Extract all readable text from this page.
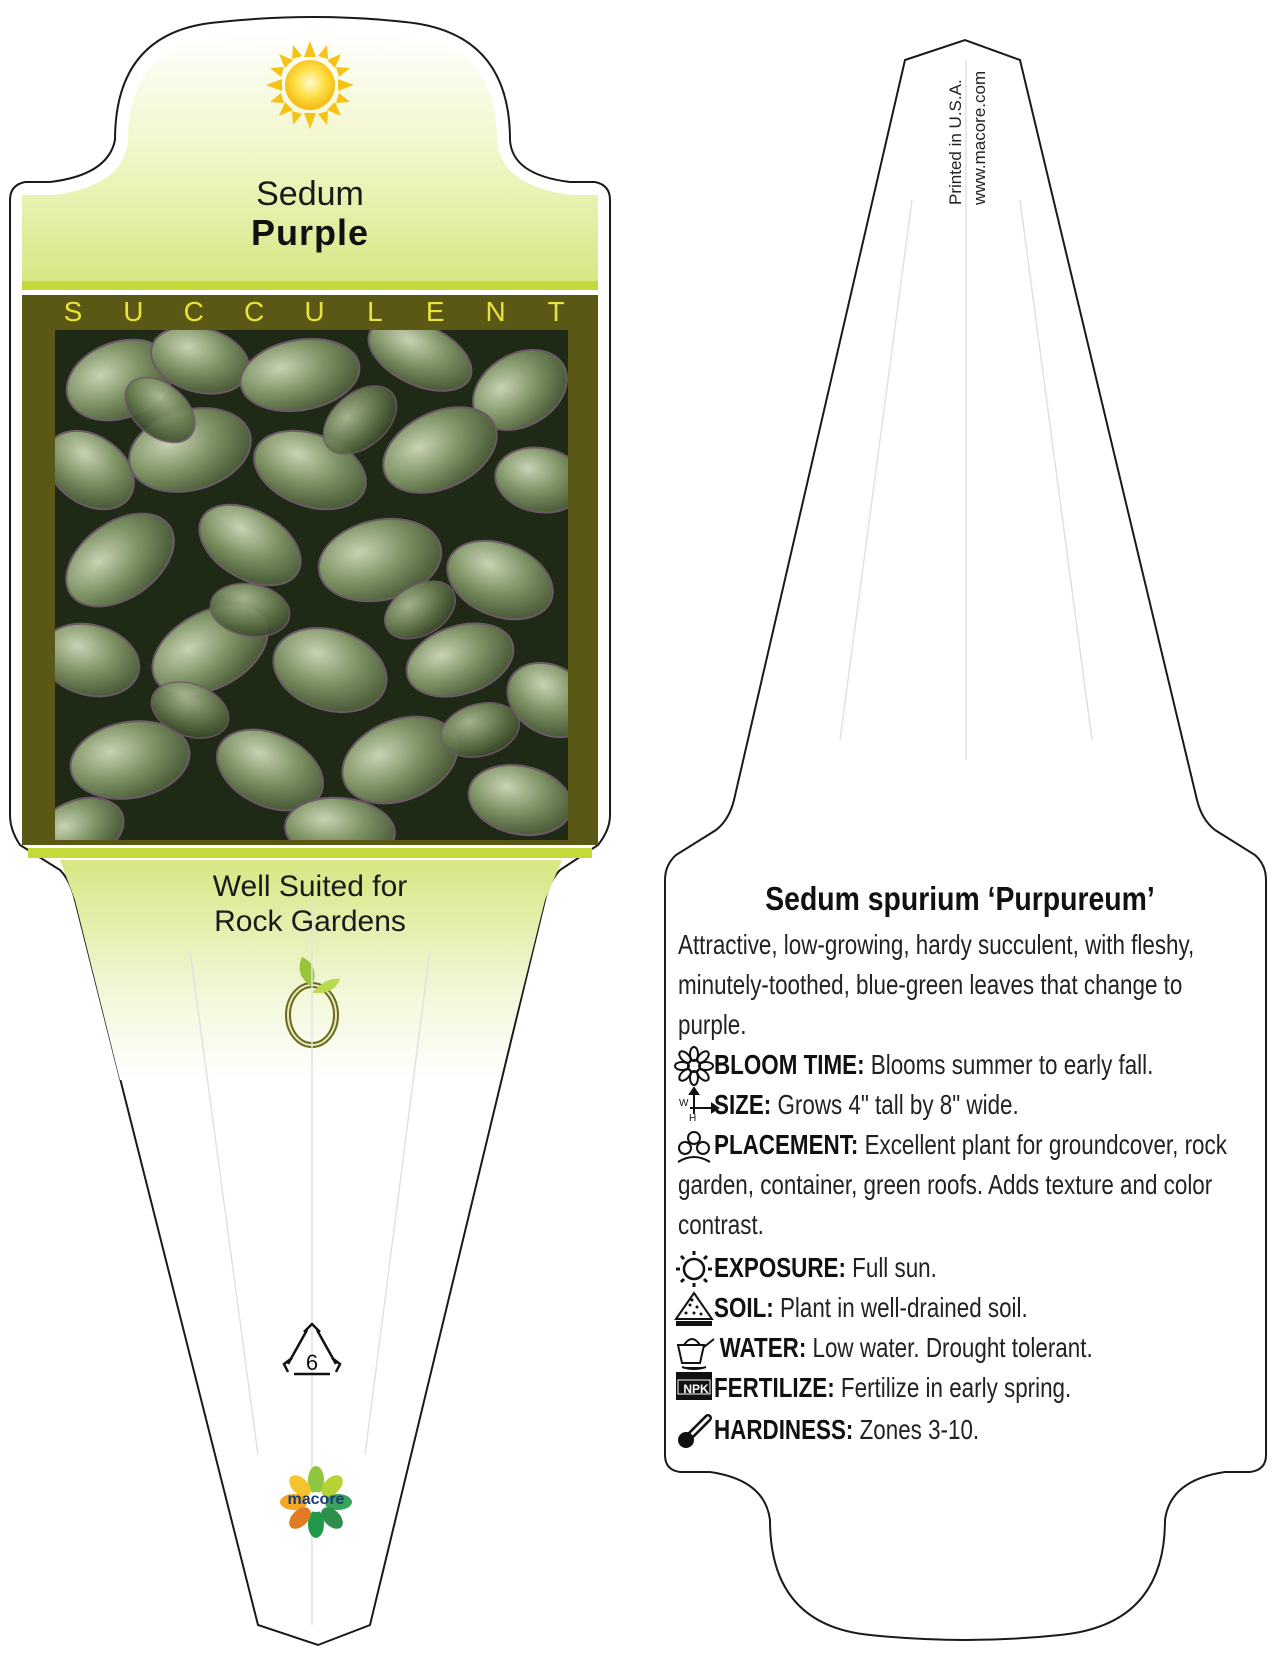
Sedum
Purple
S U C C U L E N T
Well Suited for
Rock Gardens
6
macore
Printed in U.S.A. www.macore.com
Sedum spurium ‘Purpureum’
Attractive, low-growing, hardy succulent, with fleshy, minutely-toothed, blue-green leaves that change to purple.
BLOOM TIME: Blooms summer to early fall.
SIZE: Grows 4" tall by 8" wide.
PLACEMENT: Excellent plant for groundcover, rock garden, container, green roofs. Adds texture and color contrast.
EXPOSURE: Full sun.
SOIL: Plant in well-drained soil.
WATER: Low water. Drought tolerant.
FERTILIZE: Fertilize in early spring.
HARDINESS: Zones 3-10.
NPK
W
H
